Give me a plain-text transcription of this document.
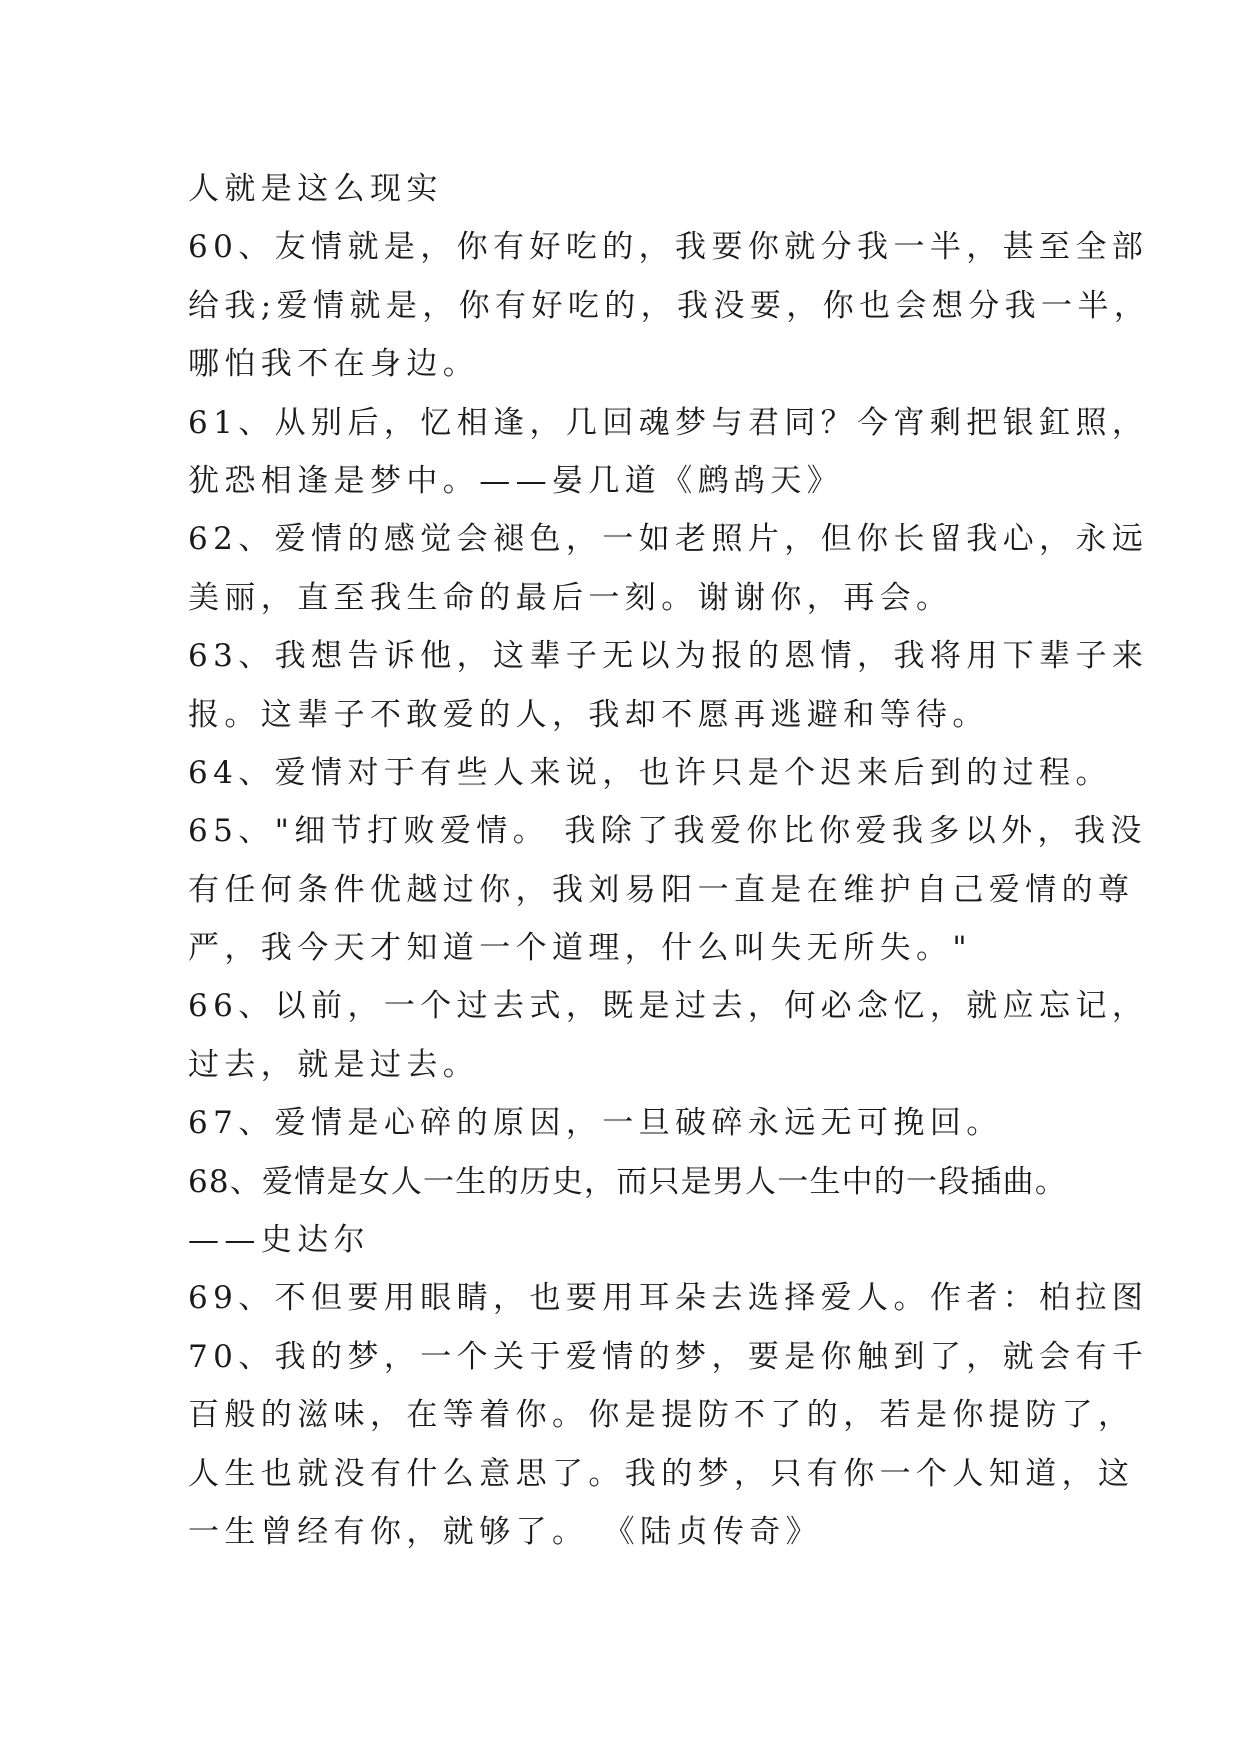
人就是这么现实
60、友情就是，你有好吃的，我要你就分我一半，甚至全部
给我;爱情就是，你有好吃的，我没要，你也会想分我一半，
哪怕我不在身边。
61、从别后，忆相逢，几回魂梦与君同？今宵剩把银釭照，
犹恐相逢是梦中。——晏几道《鹧鸪天》
62、爱情的感觉会褪色，一如老照片，但你长留我心，永远
美丽，直至我生命的最后一刻。谢谢你，再会。
63、我想告诉他，这辈子无以为报的恩情，我将用下辈子来
报。这辈子不敢爱的人，我却不愿再逃避和等待。
64、爱情对于有些人来说，也许只是个迟来后到的过程。
65、"细节打败爱情。 我除了我爱你比你爱我多以外，我没
有任何条件优越过你，我刘易阳一直是在维护自己爱情的尊
严，我今天才知道一个道理，什么叫失无所失。"
66、以前，一个过去式，既是过去，何必念忆，就应忘记，
过去，就是过去。
67、爱情是心碎的原因，一旦破碎永远无可挽回。
68、爱情是女人一生的历史，而只是男人一生中的一段插曲。
——史达尔
69、不但要用眼睛，也要用耳朵去选择爱人。作者：柏拉图
70、我的梦，一个关于爱情的梦，要是你触到了，就会有千
百般的滋味，在等着你。你是提防不了的，若是你提防了，
人生也就没有什么意思了。我的梦，只有你一个人知道，这
一生曾经有你，就够了。 《陆贞传奇》
